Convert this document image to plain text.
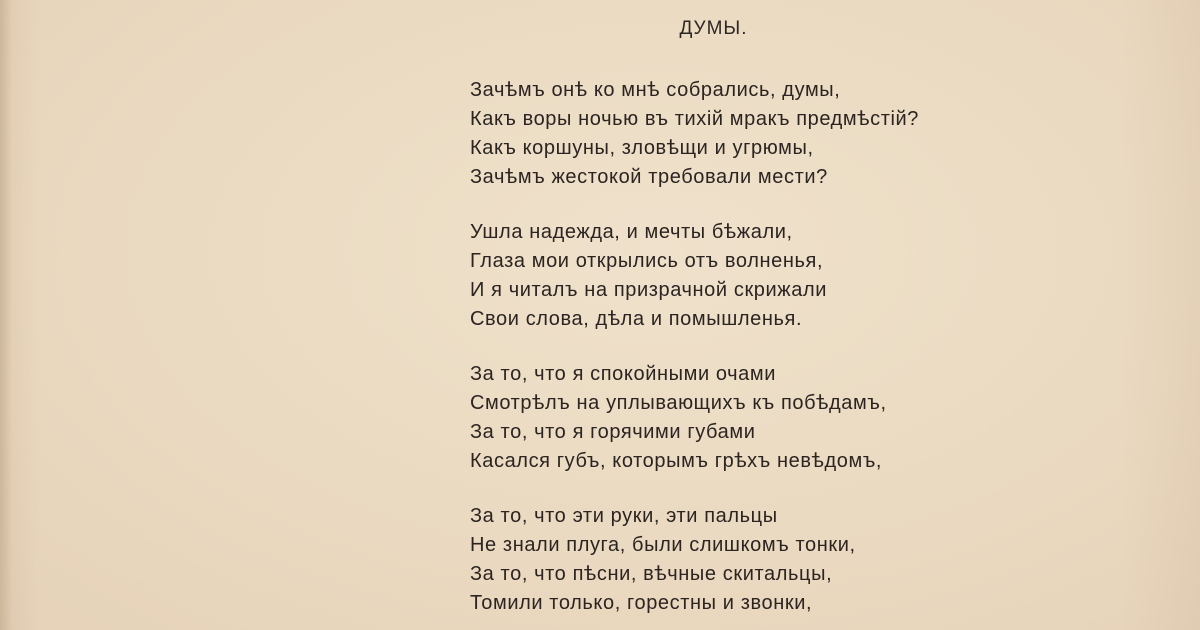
ДУМЫ.
Зачѣмъ онѣ ко мнѣ собрались, думы,
Какъ воры ночью въ тихій мракъ предмѣстій?
Какъ коршуны, зловѣщи и угрюмы,
Зачѣмъ жестокой требовали мести?
Ушла надежда, и мечты бѣжали,
Глаза мои открылись отъ волненья,
И я читалъ на призрачной скрижали
Свои слова, дѣла и помышленья.
За то, что я спокойными очами
Смотрѣлъ на уплывающихъ къ побѣдамъ,
За то, что я горячими губами
Касался губъ, которымъ грѣхъ невѣдомъ,
За то, что эти руки, эти пальцы
Не знали плуга, были слишкомъ тонки,
За то, что пѣсни, вѣчные скитальцы,
Томили только, горестны и звонки,
